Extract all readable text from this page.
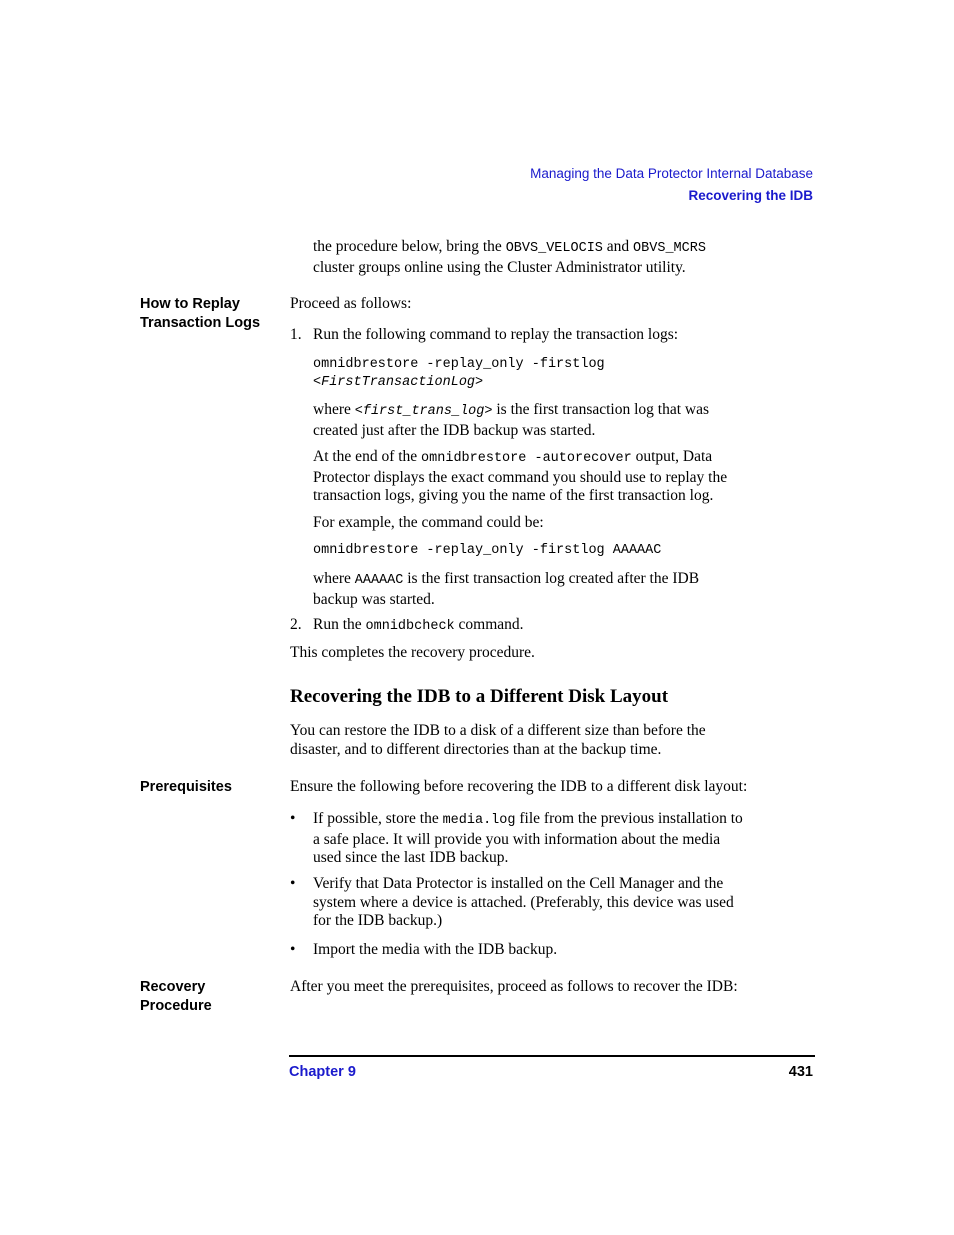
Managing the Data Protector Internal Database
Recovering the IDB
the procedure below, bring the OBVS_VELOCIS and OBVS_MCRS
cluster groups online using the Cluster Administrator utility.
How to Replay
Transaction Logs
Proceed as follows:
1. Run the following command to replay the transaction logs:
omnidbrestore -replay_only -firstlog
<FirstTransactionLog>
where <first_trans_log> is the first transaction log that was
created just after the IDB backup was started.
At the end of the omnidbrestore -autorecover output, Data
Protector displays the exact command you should use to replay the
transaction logs, giving you the name of the first transaction log.
For example, the command could be:
omnidbrestore -replay_only -firstlog AAAAAC
where AAAAAC is the first transaction log created after the IDB
backup was started.
2. Run the omnidbcheck command.
This completes the recovery procedure.
Recovering the IDB to a Different Disk Layout
You can restore the IDB to a disk of a different size than before the
disaster, and to different directories than at the backup time.
Prerequisites	Ensure the following before recovering the IDB to a different disk layout:
• If possible, store the media.log file from the previous installation to
a safe place. It will provide you with information about the media
used since the last IDB backup.
• Verify that Data Protector is installed on the Cell Manager and the
system where a device is attached. (Preferably, this device was used
for the IDB backup.)
• Import the media with the IDB backup.
Recovery
Procedure
After you meet the prerequisites, proceed as follows to recover the IDB:
Chapter 9	431
